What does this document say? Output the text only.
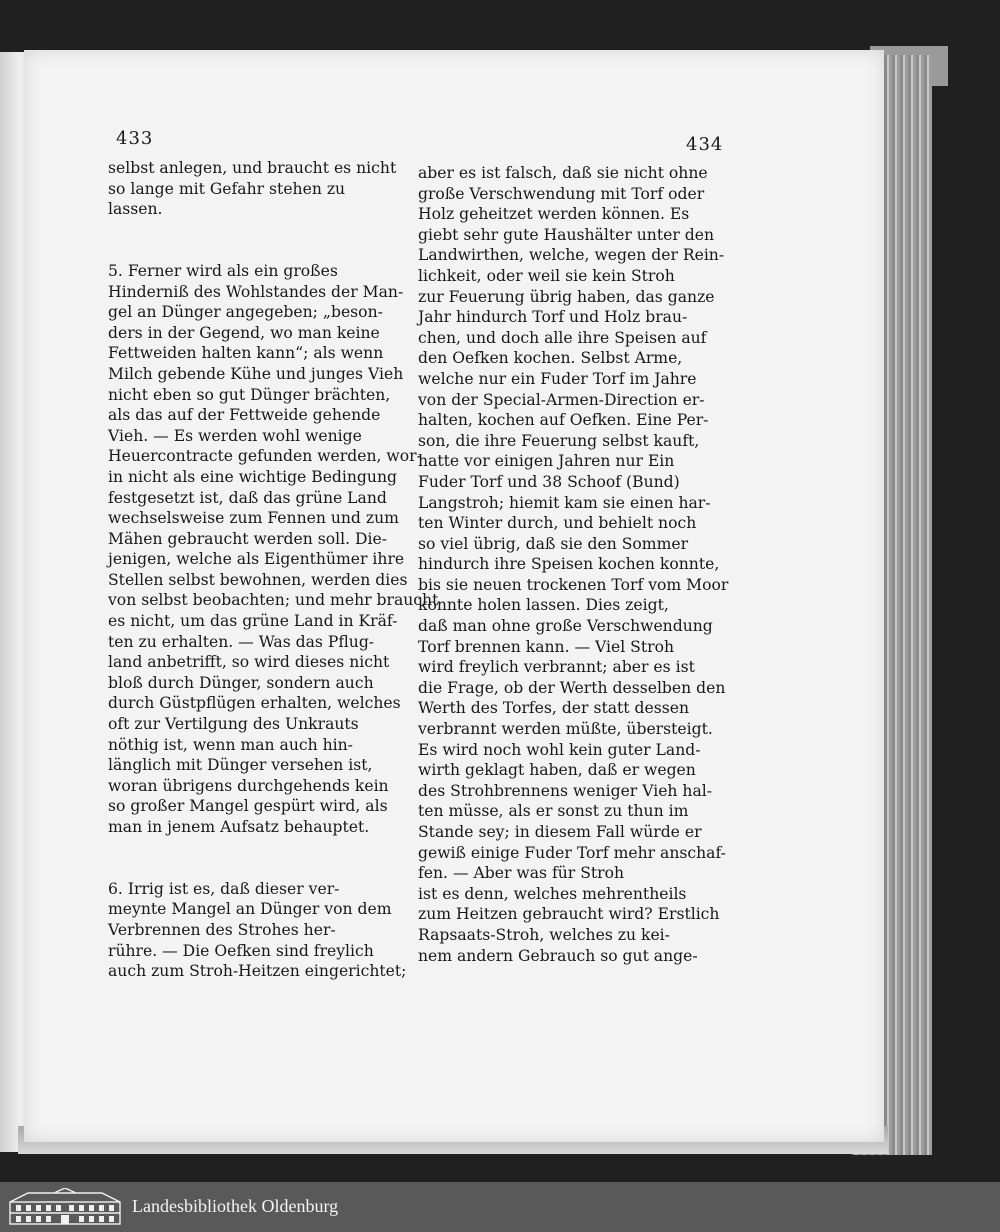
433	434
selbst anlegen, und braucht es nicht
so lange mit Gefahr stehen zu
lassen.

5. Ferner wird als ein großes
Hinderniß des Wohlstandes der Man-
gel an Dünger angegeben; „beson-
ders in der Gegend, wo man keine
Fettweiden halten kann“; als wenn
Milch gebende Kühe und junges Vieh
nicht eben so gut Dünger brächten,
als das auf der Fettweide gehende
Vieh. — Es werden wohl wenige
Heuercontracte gefunden werden, wor-
in nicht als eine wichtige Bedingung
festgesetzt ist, daß das grüne Land
wechselsweise zum Fennen und zum
Mähen gebraucht werden soll. Die-
jenigen, welche als Eigenthümer ihre
Stellen selbst bewohnen, werden dies
von selbst beobachten; und mehr braucht
es nicht, um das grüne Land in Kräf-
ten zu erhalten. — Was das Pflug-
land anbetrifft, so wird dieses nicht
bloß durch Dünger, sondern auch
durch Güstpflügen erhalten, welches
oft zur Vertilgung des Unkrauts
nöthig ist, wenn man auch hin-
länglich mit Dünger versehen ist,
woran übrigens durchgehends kein
so großer Mangel gespürt wird, als
man in jenem Aufsatz behauptet.

6. Irrig ist es, daß dieser ver-
meynte Mangel an Dünger von dem
Verbrennen des Strohes her-
rühre. — Die Oefken sind freylich
auch zum Stroh-Heitzen eingerichtet;
aber es ist falsch, daß sie nicht ohne
große Verschwendung mit Torf oder
Holz geheitzet werden können. Es
giebt sehr gute Haushälter unter den
Landwirthen, welche, wegen der Rein-
lichkeit, oder weil sie kein Stroh
zur Feuerung übrig haben, das ganze
Jahr hindurch Torf und Holz brau-
chen, und doch alle ihre Speisen auf
den Oefken kochen. Selbst Arme,
welche nur ein Fuder Torf im Jahre
von der Special-Armen-Direction er-
halten, kochen auf Oefken. Eine Per-
son, die ihre Feuerung selbst kauft,
hatte vor einigen Jahren nur Ein
Fuder Torf und 38 Schoof (Bund)
Langstroh; hiemit kam sie einen har-
ten Winter durch, und behielt noch
so viel übrig, daß sie den Sommer
hindurch ihre Speisen kochen konnte,
bis sie neuen trockenen Torf vom Moor
konnte holen lassen. Dies zeigt,
daß man ohne große Verschwendung
Torf brennen kann. — Viel Stroh
wird freylich verbrannt; aber es ist
die Frage, ob der Werth desselben den
Werth des Torfes, der statt dessen
verbrannt werden müßte, übersteigt.
Es wird noch wohl kein guter Land-
wirth geklagt haben, daß er wegen
des Strohbrennens weniger Vieh hal-
ten müsse, als er sonst zu thun im
Stande sey; in diesem Fall würde er
gewiß einige Fuder Torf mehr anschaf-
fen. — Aber was für Stroh
ist es denn, welches mehrentheils
zum Heitzen gebraucht wird? Erstlich
Rapsaats-Stroh, welches zu kei-
nem andern Gebrauch so gut ange-
Landesbibliothek Oldenburg
